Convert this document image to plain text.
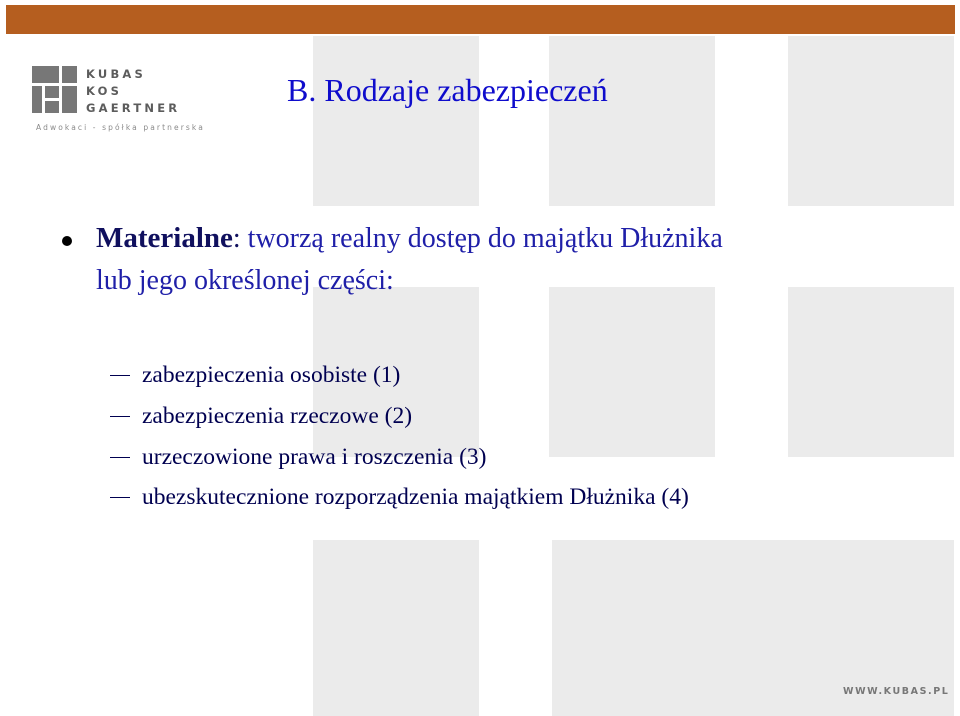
KUBAS
KOS
GAERTNER
Adwokaci - spółka partnerska
B. Rodzaje zabezpieczeń
Materialne: tworzą realny dostęp do majątku Dłużnika
lub jego określonej części:
zabezpieczenia osobiste (1)
zabezpieczenia rzeczowe (2)
urzeczowione prawa i roszczenia (3)
ubezskutecznione rozporządzenia majątkiem Dłużnika (4)
WWW.KUBAS.PL
